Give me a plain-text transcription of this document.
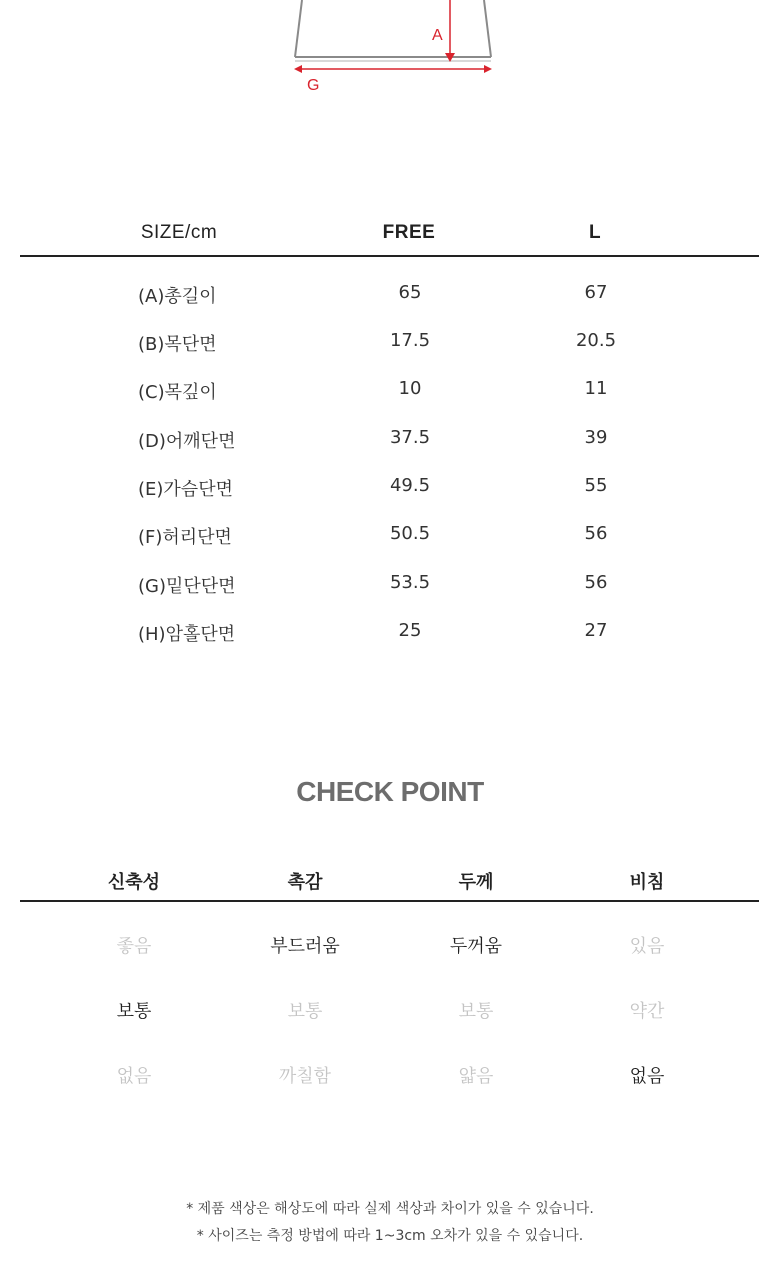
A
G
SIZE/cm	FREE	L
(A)총길이	65	67
(B)목단면	17.5	20.5
(C)목깊이	10	11
(D)어깨단면	37.5	39
(E)가슴단면	49.5	55
(F)허리단면	50.5	56
(G)밑단단면	53.5	56
(H)암홀단면	25	27
CHECK POINT
신축성	촉감	두께	비침
좋음	부드러움	두꺼움	있음
보통	보통	보통	약간
없음	까칠함	얇음	없음
* 제품 색상은 해상도에 따라 실제 색상과 차이가 있을 수 있습니다.
* 사이즈는 측정 방법에 따라 1~3cm 오차가 있을 수 있습니다.
